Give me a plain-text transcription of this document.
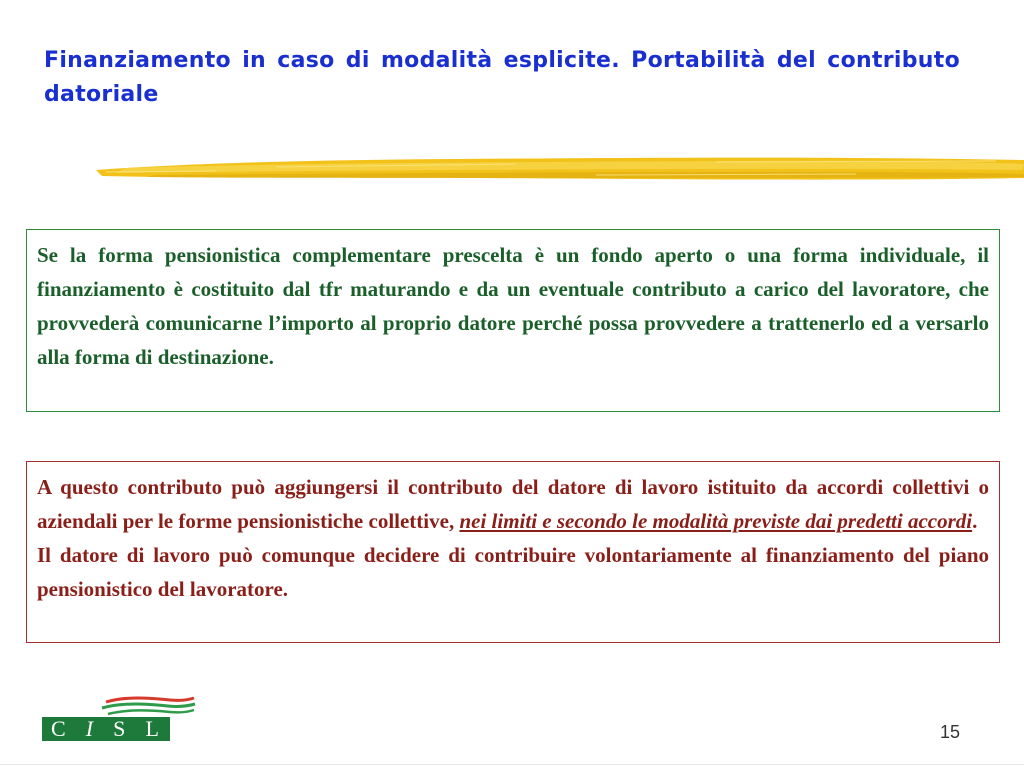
Finanziamento in caso di modalità esplicite. Portabilità del contributo datoriale

Se la forma pensionistica complementare prescelta è un fondo aperto o una forma individuale, il finanziamento è costituito dal tfr maturando e da un eventuale contributo a carico del lavoratore, che provvederà comunicarne l’importo al proprio datore perché possa provvedere a trattenerlo ed a versarlo alla forma di destinazione.

A questo contributo può aggiungersi il contributo del datore di lavoro istituito da accordi collettivi o aziendali per le forme pensionistiche collettive, nei limiti e secondo le modalità previste dai predetti accordi.

Il datore di lavoro può comunque decidere di contribuire volontariamente al finanziamento del piano pensionistico del lavoratore.

C I S L	15
